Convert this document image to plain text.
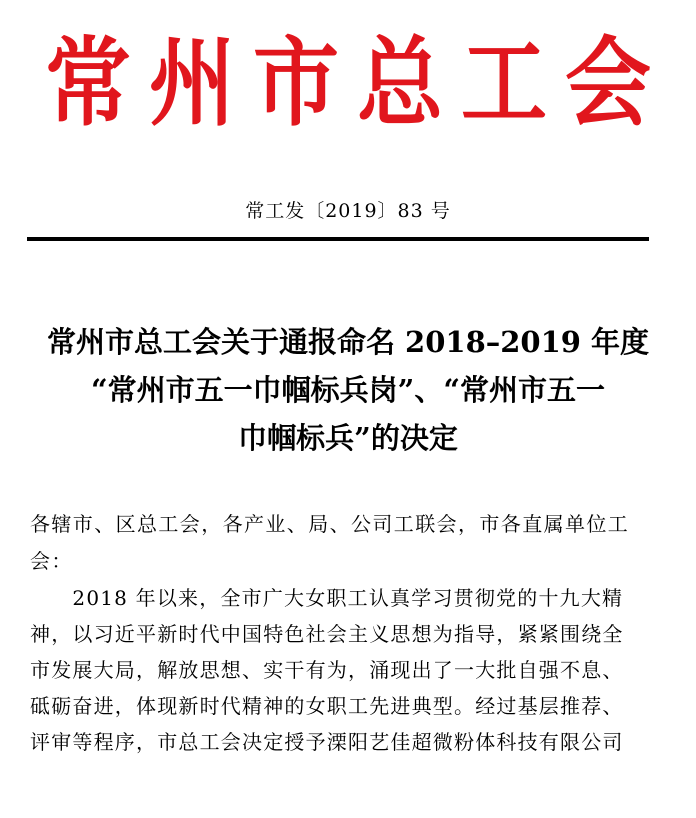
常 州 市 总 工 会
常工发〔2019〕83 号
常州市总工会关于通报命名 2018–2019 年度
“常州市五一巾帼标兵岗”、“常州市五一
巾帼标兵”的决定
各辖市、区总工会，各产业、局、公司工联会，市各直属单位工
会：
　　2018 年以来，全市广大女职工认真学习贯彻党的十九大精
神，以习近平新时代中国特色社会主义思想为指导，紧紧围绕全
市发展大局，解放思想、实干有为，涌现出了一大批自强不息、
砥砺奋进，体现新时代精神的女职工先进典型。经过基层推荐、
评审等程序，市总工会决定授予溧阳艺佳超微粉体科技有限公司
